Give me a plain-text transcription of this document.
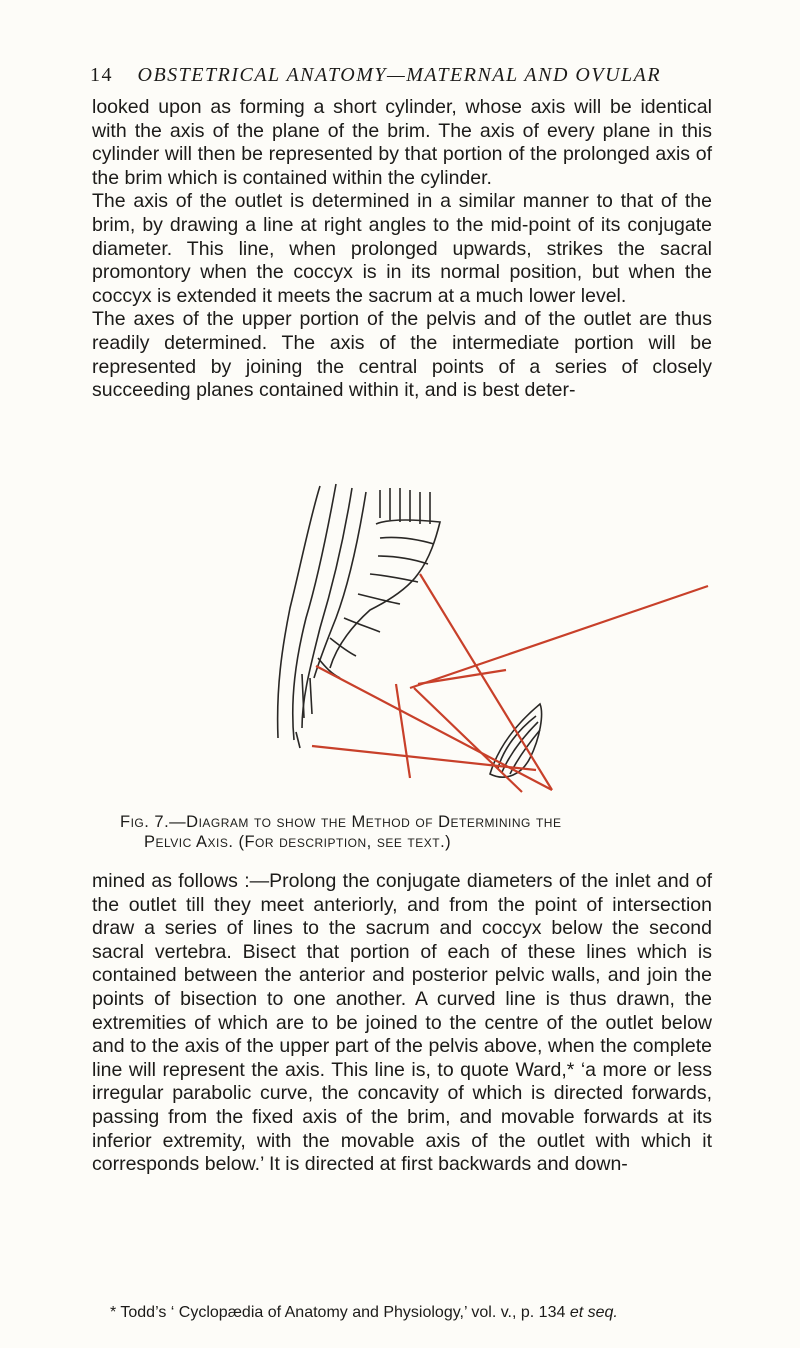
14 OBSTETRICAL ANATOMY—MATERNAL AND OVULAR

looked upon as forming a short cylinder, whose axis will be identical with the axis of the plane of the brim. The axis of every plane in this cylinder will then be represented by that portion of the prolonged axis of the brim which is contained within the cylinder.

The axis of the outlet is determined in a similar manner to that of the brim, by drawing a line at right angles to the mid-point of its conjugate diameter. This line, when prolonged upwards, strikes the sacral promontory when the coccyx is in its normal position, but when the coccyx is extended it meets the sacrum at a much lower level.

The axes of the upper portion of the pelvis and of the outlet are thus readily determined. The axis of the intermediate portion will be represented by joining the central points of a series of closely succeeding planes contained within it, and is best deter-

Fig. 7.—Diagram to show the Method of Determining the
Pelvic Axis. (For description, see text.)

mined as follows :—Prolong the conjugate diameters of the inlet and of the outlet till they meet anteriorly, and from the point of intersection draw a series of lines to the sacrum and coccyx below the second sacral vertebra. Bisect that portion of each of these lines which is contained between the anterior and posterior pelvic walls, and join the points of bisection to one another. A curved line is thus drawn, the extremities of which are to be joined to the centre of the outlet below and to the axis of the upper part of the pelvis above, when the complete line will represent the axis. This line is, to quote Ward,* ‘a more or less irregular parabolic curve, the concavity of which is directed forwards, passing from the fixed axis of the brim, and movable forwards at its inferior extremity, with the movable axis of the outlet with which it corresponds below.’ It is directed at first backwards and down-

* Todd’s ‘ Cyclopædia of Anatomy and Physiology,’ vol. v., p. 134 et seq.
